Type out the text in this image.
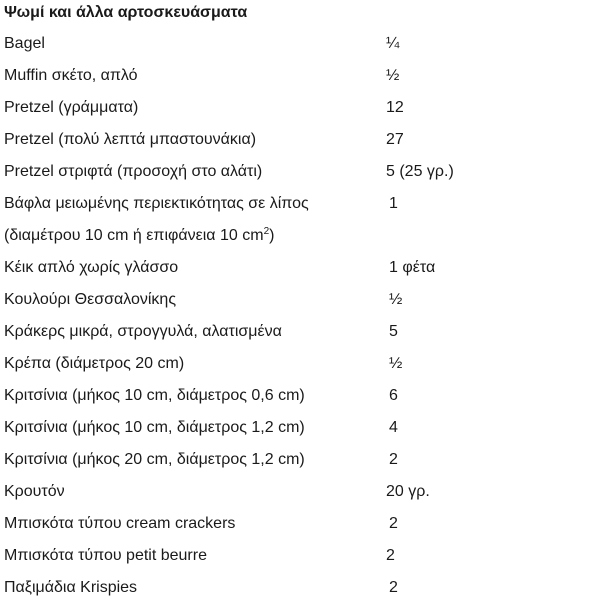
Ψωμί και άλλα αρτοσκευάσματα
Bagel	¼
Muffin σκέτο, απλό	½
Pretzel (γράμματα)	12
Pretzel (πολύ λεπτά μπαστουνάκια)	27
Pretzel στριφτά (προσοχή στο αλάτι)	5 (25 γρ.)
Βάφλα μειωμένης περιεκτικότητας σε λίπος	1
(διαμέτρου 10 cm ή επιφάνεια 10 $cm^2$)
Κέικ απλό χωρίς γλάσσο	1 φέτα
Κουλούρι Θεσσαλονίκης	½
Κράκερς μικρά, στρογγυλά, αλατισμένα	5
Κρέπα (διάμετρος 20 cm)	½
Κριτσίνια (μήκος 10 cm, διάμετρος 0,6 cm)	6
Κριτσίνια (μήκος 10 cm, διάμετρος 1,2 cm)	4
Κριτσίνια (μήκος 20 cm, διάμετρος 1,2 cm)	2
Κρουτόν	20 γρ.
Μπισκότα τύπου cream crackers	2
Μπισκότα τύπου petit beurre	2
Παξιμάδια Krispies	2
